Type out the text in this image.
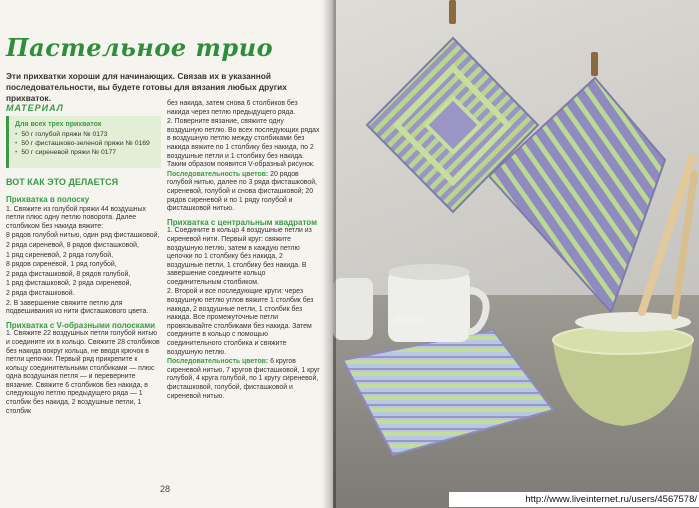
Пастельное трио
Эти прихватки хороши для начинающих. Связав их в указанной последовательности, вы будете готовы для вязания любых других прихваток.
МАТЕРИАЛ
Для всех трех прихваток
• 50 г голубой пряжи № 0173
• 50 г фисташково-зеленой пряжи № 0169
• 50 г сиреневой пряжи № 0177
ВОТ КАК ЭТО ДЕЛАЕТСЯ
Прихватка в полоску

1. Свяжите из голубой пряжи 44 воздушных петли плюс одну петлю поворота. Далее столбиком без накида вяжите:

8 рядов голубой нитью, один ряд фисташковой,

2 ряда сиреневой, 8 рядов фисташковой,

1 ряд сиреневой, 2 ряда голубой,

8 рядов сиреневой, 1 ряд голубой,

2 ряда фисташковой, 8 рядов голубой,

1 ряд фисташковой, 2 ряда сиреневой,

2 ряда фисташковой.

2. В завершение свяжите петлю для подвешивания из нити фисташкового цвета.

Прихватка с V-образными полосками

1. Свяжите 22 воздушных петли голубой нитью и соедините их в кольцо. Свяжите 28 столбиков без накида вокруг кольца, не вводя крючок в петли цепочки. Первый ряд прикрепите к кольцу соединительными столбиками — плюс одна воздушная петля — и переверните вязание. Свяжите 6 столбиков без накида, в следующую петлю предыдущего ряда — 1 столбик без накида, 2 воздушные петли, 1 столбик

без накида, затем снова 6 столбиков без накида через петлю предыдущего ряда.

2. Поверните вязание, свяжите одну воздушную петлю. Во всех последующих рядах в воздушную петлю между столбиками без накида вяжите по 1 столбику без накида, по 2 воздушные петли и 1 столбику без накида. Таким образом появится V-образный рисунок.

Последовательность цветов: 20 рядов голубой нитью, далее по 3 ряда фисташковой, сиреневой, голубой и снова фисташковой; 20 рядов сиреневой и по 1 ряду голубой и фисташковой нитью.

Прихватка с центральным квадратом

1. Соедините в кольцо 4 воздушные петли из сиреневой нити. Первый круг: свяжите воздушную петлю, затем в каждую петлю цепочки по 1 столбику без накида, 2 воздушные петли, 1 столбику без накида. В завершение соедините кольцо соединительным столбиком.

2. Второй и все последующие круги: через воздушную петлю углов вяжите 1 столбик без накида, 2 воздушные петли, 1 столбик без накида. Все промежуточные петли провязывайте столбиками без накида. Затем соедините в кольцо с помощью соединительного столбика и свяжите воздушную петлю.

Последовательность цветов: 6 кругов сиреневой нитью, 7 кругов фисташковой, 1 круг голубой, 4 круга голубой, по 1 кругу сиреневой, фисташковой, голубой, фисташковой и сиреневой нитью.

28
Anita
http://www.liveinternet.ru/users/4567578/
